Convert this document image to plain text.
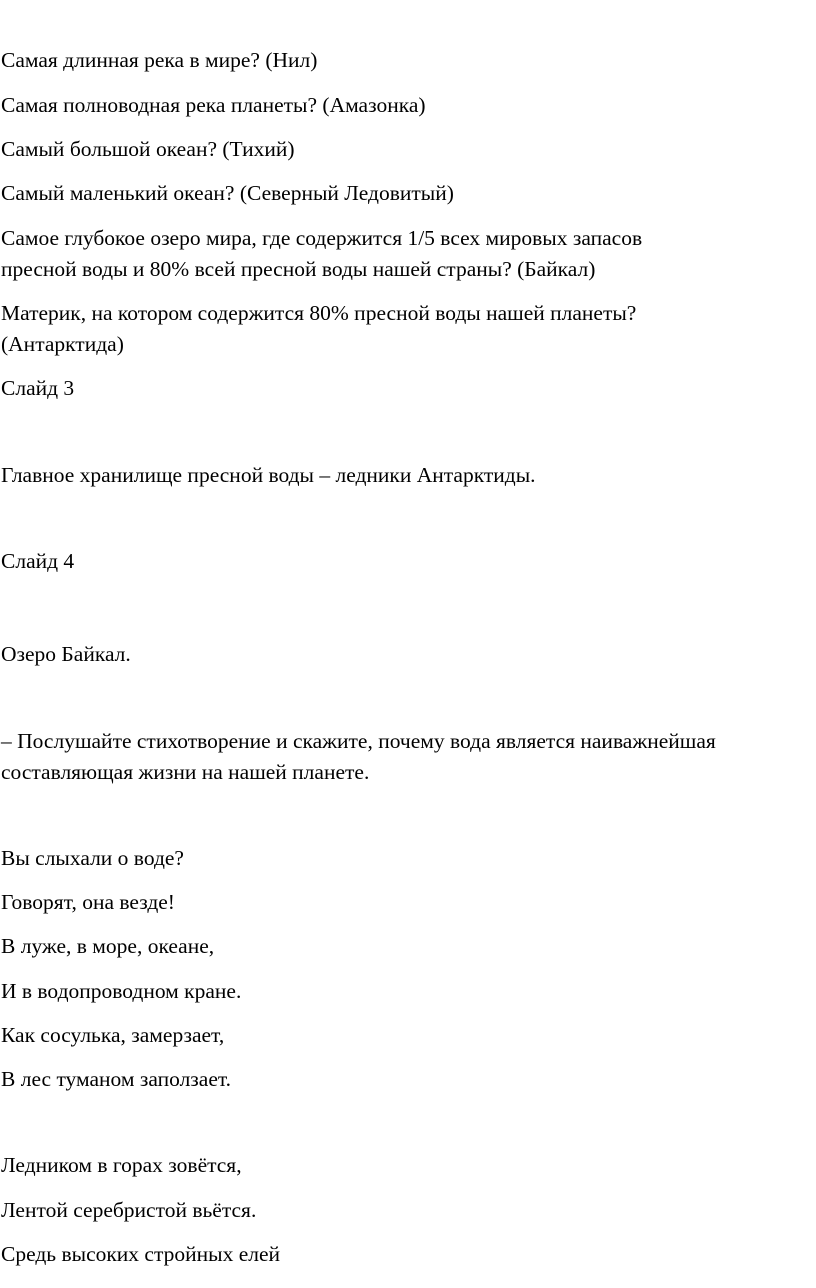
Самая длинная река в мире? (Нил)

Самая полноводная река планеты? (Амазонка)

Самый большой океан? (Тихий)

Самый маленький океан? (Северный Ледовитый)

Самое глубокое озеро мира, где содержится 1/5 всех мировых запасов

пресной воды и 80% всей пресной воды нашей страны? (Байкал)

Материк, на котором содержится 80% пресной воды нашей планеты?

(Антарктида)

Слайд 3

Главное хранилище пресной воды – ледники Антарктиды.

Слайд 4

Озеро Байкал.

– Послушайте стихотворение и скажите, почему вода является наиважнейшая

составляющая жизни на нашей планете.

Вы слыхали о воде?

Говорят, она везде!

В луже, в море, океане,

И в водопроводном кране.

Как сосулька, замерзает,

В лес туманом заползает.

Ледником в горах зовётся,

Лентой серебристой вьётся.

Средь высоких стройных елей
